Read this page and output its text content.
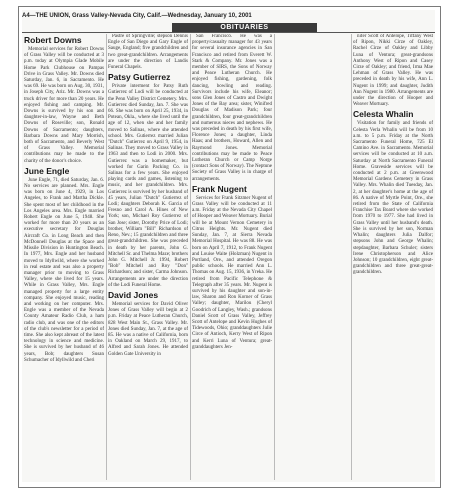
A4—THE UNION, Grass Valley-Nevada City, Calif.—Wednesday, January 10, 2001
OBITUARIES
Robert Downs

Memorial services for Robert Downs of Grass Valley will be conducted at 3 p.m. today at Olympia Glade Mobile Home Park Clubhouse on Pampas Drive in Grass Valley. Mr. Downs died Saturday, Jan. 6, in Sacramento. He was 69. He was born on Aug. 30, 1931, in Joseph City, Ariz. Mr. Downs was a truck driver for more than 20 years. He enjoyed fishing and camping. Mr. Downs is survived by his son and daughter-in-law, Wayne and Beth Downs of Roseville; son, Ronald Downs of Sacramento; daughters, Barbara Downs and Mary Morrish, both of Sacramento, and Beverly West of Grass Valley. Memorial contributions may be made to the charity of the donor's choice.

June Engle

June Engle, 71, died Saturday, Jan. 6. No services are planned. Mrs. Engle was born on June 4, 1929, in Los Angeles, to Frank and Martha Dickle. She spent most of her childhood in the Los Angeles area. Mrs. Engle married Robert Engle on June 5, 1948. She worked for more than 20 years as an executive secretary for Douglas Aircraft Co. in Long Beach and then McDonnell Douglas at the Space and Missile Division in Huntington Beach. In 1977, Mrs. Engle and her husband moved to Idyllwild, where she worked in real estate and was also a property manager prior to moving to Grass Valley, where she lived for 15 years. While in Grass Valley, Mrs. Engle managed property for a large entity company. She enjoyed music, reading and working on her computer. Mrs. Engle was a member of the Nevada County Amateur Radio Club, a ham radio club, and was one of the editors of the club's newsletter for a period of time. She also kept abreast of the latest technology in science and medicine. She is survived by her husband of 46 years, Bob; daughters Susan Schumacher of Idyllwild and Cheri

Pastre of Springville; stepson Dennis Engle of San Diego and Gary Engle of Sauge, England; five grandchildren and two great-grandchildren. Arrangements are under the direction of Landis Funeral Chapels.

Patsy Gutierrez

Private interment for Patsy Ruth Gutierrez of Lodi will be conducted at the Penn Valley District Cemetery. Mrs. Gutierrez died Sunday, Jan. 7. She was 66. She was born on April 25, 1934, in Potean, Okla., where she lived until the age of 12, when she and her family moved to Salinas, where she attended school. Mrs. Gutierrez married Julian "Dutch" Gutierrez on April 9, 1954, in Salinas. They moved to Grass Valley in 1963 and then to Lodi in 2000. Mrs. Gutierrez was a homemaker, but worked for Garin Packing Co. in Salinas for a few years. She enjoyed playing cards and games, listening to music, and her grandchildren. Mrs. Gutierrez is survived by her husband of 45 years, Julian "Dutch" Gutierrez of Lodi; daughters Deborah K. Garcia of Fresno and Carol A. Hines of New York; son, Michael Roy Gutierrez of San Jose; sister, Dorothy Price of Lodi; brother, William "Bill" Richardson of Reno, Nev.; 15 grandchildren and three great-grandchildren. She was preceded in death by her parents, John G. Mitchell Sr. and Thelma Maze; brothers John G. Mitchell Jr. 1994, Robert "Bob" Mitchell and Roy "Don" Richardson; and sister, Carma Johnson. Arrangements are under the direction of the Lodi Funeral Home.

David Jones

Memorial services for David Oliver Jones of Grass Valley will begin at 2 p.m. Friday at Peace Lutheran Church, 828 West Main St., Grass Valley. Mr. Jones died Sunday, Jan. 7, at the age of 85. He was a native of California, born in Oakland on March 29, 1917, to Alfred and Sarah Jones. He attended Golden Gate University in

San Francisco. He was a property/casualty manager for 43 years for several insurance agencies in San Francisco and retired from Everett W. Stark & Company. Mr. Jones was a member of SIRS, the Sons of Norway and Peace Lutheran Church. He enjoyed fishing, gardening, folk dancing, bowling and reading. Survivors include his wife, Eleanor; sons Glen Jones of Castro and Dwight Jones of the Bay area; sister, Winifred Douglas of Madison Park; four grandchildren, four great-grandchildren and numerous nieces and nephews. He was preceded in death by his first wife, Florence Jones; a daughter, Linda Haas; and brothers, Howard, Allen and Raymond Jones. Memorial contributions may be made to Peace Lutheran Church or Camp Norge (contact Sons of Norway). The Neptune Society of Grass Valley is in charge of arrangements.

Frank Nugent

Services for Frank Sitzmer Nugent of Grass Valley will be conducted at 11 a.m. Friday at the Nevada City Chapel of Hooper and Weaver Mortuary. Burial will be at Mount Vernon Cemetery in Citrus Heights. Mr. Nugent died Sunday, Jan. 7, at Sierra Nevada Memorial Hospital. He was 88. He was born on April 7, 1912, to Frank Nugent and Louise Waite (Holzman) Nugent in Portland, Ore., and attended Oregon public schools. He married Ann L. Thomas on Aug. 15, 1936, in Yreka. He retired from Pacific Telephone & Telegraph after 35 years. Mr. Nugent is survived by his daughter and son-in-law, Sharon and Ron Korner of Grass Valley; daughter, Marilou (Cheryl Goodrich of Langley, Wash.; grandsons Daniel Scott of Grass Valley, Jeffrey Scott of Antelope and Kevin Hughes of Tidewoods, Ohio; granddaughters Julie Circe of Antioch, Kerry West of Ripon and Kerri Luna of Ventura; great-granddaughters Jen-

nifer Scott of Antelope, Tiffany West of Ripon, Nikki Cirze of Oakley, Rachel Cirze of Oakley and Libby Luna of Ventura; great-grandsons Anthony West of Ripon and Casey Cirze of Oakley; and friend, Irma Mae Lehman of Grass Valley. He was preceded in death by his wife, Ann L. Nugent in 1999; and daughter, Judith Ann Nugent in 1980. Arrangements are under the direction of Hooper and Weaver Mortuary.

Celesta Whalin

Visitation for family and friends of Celesta Verla Whalin will be from 10 a.m. to 5 p.m. Friday at the North Sacramento Funeral Home, 725 El Camino Ave. in Sacramento. Memorial services will be conducted at 10 a.m. Saturday at North Sacramento Funeral Home. Graveside services will be conducted at 2 p.m. at Greenwood Memorial Gardens Cemetery in Grass Valley. Mrs. Whalin died Tuesday, Jan. 2, at her daughter's home at the age of 86. A native of Myrtle Point, Ore., she retired from the State of California Franchise Tax Board where she worked from 1970 to 1977. She had lived in Grass Valley until her husband's death. She is survived by her son, Norman Whalin; daughters Julia Dalfor; stepsons John and George Whalin; stepdaughter, Barbara Schuler; sisters Irene Christopherson and Alice Johnson; 10 grandchildren, eight great-grandchildren and three great-great-grandchildren.
